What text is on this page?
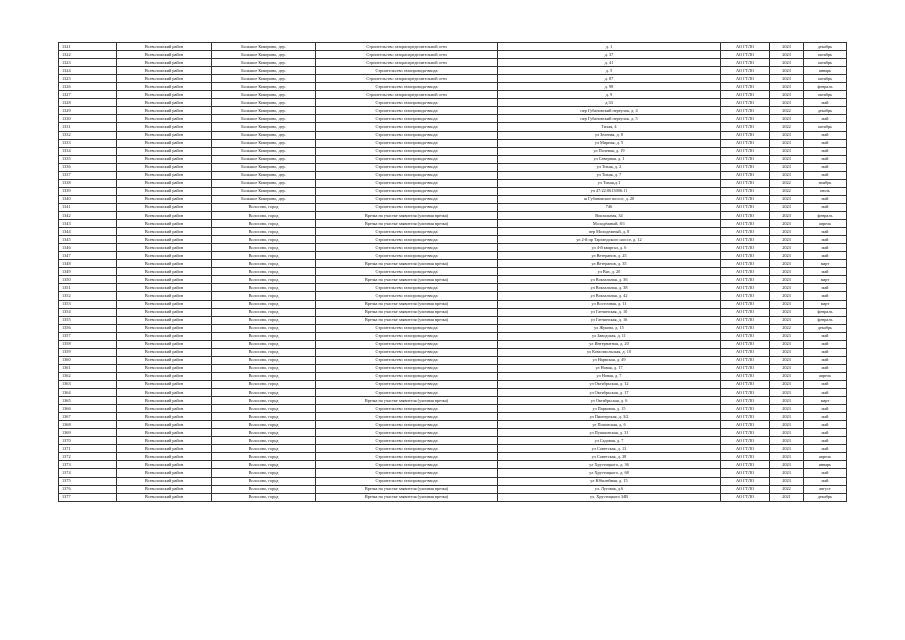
1321	Всеволожский район	Большое Кикерино, дер.	Строительство газораспределительной сети	д. 1	АО ГТЛО	2023	декабрь
1322	Всеволожский район	Большое Кикерино, дер.	Строительство газораспределительной сети	д. 37	АО ГТЛО	2023	октябрь
1323	Всеволожский район	Большое Кикерино, дер.	Строительство газораспределительной сети	д. 41	АО ГТЛО	2023	октябрь
1324	Всеволожский район	Большое Кикерино, дер.	Строительство газопровода-ввода	д. 5	АО ГТЛО	2023	январь
1325	Всеволожский район	Большое Кикерино, дер.	Строительство газораспределительной сети	д. 87	АО ГТЛО	2023	октябрь
1326	Всеволожский район	Большое Кикерино, дер.	Строительство газопровода-ввода	д. 98	АО ГТЛО	2023	февраль
1327	Всеволожский район	Большое Кикерино, дер.	Строительство газораспределительной сети	д. 9	АО ГТЛО	2023	октябрь
1328	Всеволожский район	Большое Кикерино, дер.	Строительство газопровода-ввода	д.33	АО ГТЛО	2023	май
1329	Всеволожский район	Большое Кикерино, дер.	Строительство газопровода-ввода	пер Губановский переулок, д. 4	АО ГТЛО	2022	декабрь
1330	Всеволожский район	Большое Кикерино, дер.	Строительство газопровода-ввода	пер Губановский переулок, д. 5	АО ГТЛО	2023	май
1331	Всеволожский район	Большое Кикерино, дер.	Строительство газопровода-ввода	Тихая, 4	АО ГТЛО	2022	октябрь
1332	Всеволожский район	Большое Кикерино, дер.	Строительство газопровода-ввода	ул Зеленая, д. 8	АО ГТЛО	2023	май
1333	Всеволожский район	Большое Кикерино, дер.	Строительство газопровода-ввода	ул Мирная, д. 5	АО ГТЛО	2023	май
1334	Всеволожский район	Большое Кикерино, дер.	Строительство газопровода-ввода	ул Полевая, д. 19	АО ГТЛО	2023	май
1335	Всеволожский район	Большое Кикерино, дер.	Строительство газопровода-ввода	ул Северная, д. 1	АО ГТЛО	2023	май
1336	Всеволожский район	Большое Кикерино, дер.	Строительство газопровода-ввода	ул Тихая, д. 2	АО ГТЛО	2023	май
1337	Всеволожский район	Большое Кикерино, дер.	Строительство газопровода-ввода	ул Тихая, д. 7	АО ГТЛО	2023	май
1338	Всеволожский район	Большое Кикерино, дер.	Строительство газопровода-ввода	ул Тихая,д.1	АО ГТЛО	2022	ноябрь
1339	Всеволожский район	Большое Кикерино, дер.	Строительство газопровода-ввода	уч 47:22:0613006:11	АО ГТЛО	2022	июль
1340	Всеволожский район	Большое Кикерино, дер.	Строительство газопровода-ввода	ш Губановское шоссе, д. 20	АО ГТЛО	2023	май
1341	Всеволожский район	Волосово, город	Строительство газопровода-ввода	746	АО ГТЛО	2023	май
1342	Всеволожский район	Волосово, город	Врезка на участке заявителя (уличная врезка)	Вокзальная, 34	АО ГТЛО	2023	февраль
1343	Всеволожский район	Волосово, город	Врезка на участке заявителя (уличная врезка)	Молодёжный, 8/1	АО ГТЛО	2023	апрель
1344	Всеволожский район	Волосово, город	Строительство газопровода-ввода	пер Молодежный, д. 8	АО ГТЛО	2023	май
1345	Всеволожский район	Волосово, город	Строительство газопровода-ввода	ул 2-й пр Таргандского шоссе, д. 12	АО ГТЛО	2023	май
1346	Всеволожский район	Волосово, город	Строительство газопровода-ввода	ул 4-й квартал, д. 6	АО ГТЛО	2023	май
1347	Всеволожский район	Волосово, город	Строительство газопровода-ввода	ул Ветеранов, д. 25	АО ГТЛО	2023	май
1348	Всеволожский район	Волосово, город	Врезка на участке заявителя (уличная врезка)	ул Ветеранов, д. 35	АО ГТЛО	2023	март
1349	Всеволожский район	Волосово, город	Строительство газопровода-ввода	ул Вяз, д. 20	АО ГТЛО	2023	май
1350	Всеволожский район	Волосово, город	Врезка на участке заявителя (уличная врезка)	ул Вокзальная, д. 36	АО ГТЛО	2023	март
1351	Всеволожский район	Волосово, город	Строительство газопровода-ввода	ул Вокзальная, д. 38	АО ГТЛО	2023	май
1352	Всеволожский район	Волосово, город	Строительство газопровода-ввода	ул Вокзальная, д. 42	АО ГТЛО	2023	май
1353	Всеволожский район	Волосово, город	Врезка на участке заявителя (уличная врезка)	ул Восточная, д. 11	АО ГТЛО	2023	март
1354	Всеволожский район	Волосово, город	Врезка на участке заявителя (уличная врезка)	ул Гатчинская, д. 10	АО ГТЛО	2023	февраль
1355	Всеволожский район	Волосово, город	Врезка на участке заявителя (уличная врезка)	ул Гатчинская, д. 16	АО ГТЛО	2023	февраль
1356	Всеволожский район	Волосово, город	Строительство газопровода-ввода	ул Жукова, д. 15	АО ГТЛО	2022	декабрь
1357	Всеволожский район	Волосово, город	Строительство газопровода-ввода	ул Заводская, д. 11	АО ГТЛО	2023	май
1358	Всеволожский район	Волосово, город	Строительство газопровода-ввода	ул Интернатная, д. 20	АО ГТЛО	2023	май
1359	Всеволожский район	Волосово, город	Строительство газопровода-ввода	ул Комсомольская, д. 10	АО ГТЛО	2023	май
1360	Всеволожский район	Волосово, город	Строительство газопровода-ввода	ул Нарвская, д. 49	АО ГТЛО	2023	май
1361	Всеволожский район	Волосово, город	Строительство газопровода-ввода	ул Новая, д. 17	АО ГТЛО	2023	май
1362	Всеволожский район	Волосово, город	Строительство газопровода-ввода	ул Новая, д. 7	АО ГТЛО	2023	апрель
1363	Всеволожский район	Волосово, город	Строительство газопровода-ввода	ул Октябрьская, д. 12	АО ГТЛО	2023	май
1364	Всеволожский район	Волосово, город	Строительство газопровода-ввода	ул Октябрьская, д. 17	АО ГТЛО	2023	май
1365	Всеволожский район	Волосово, город	Врезка на участке заявителя (уличная врезка)	ул Октябрьская, д. 6	АО ГТЛО	2023	март
1366	Всеволожский район	Волосово, город	Строительство газопровода-ввода	ул Парковая, д. 15	АО ГТЛО	2023	май
1367	Всеволожский район	Волосово, город	Строительство газопровода-ввода	ул Пионерская, д. 3/2	АО ГТЛО	2023	май
1368	Всеволожский район	Волосово, город	Строительство газопровода-ввода	ул Поповская, д. 6	АО ГТЛО	2023	май
1369	Всеволожский район	Волосово, город	Строительство газопровода-ввода	ул Пушкинская, д. 31	АО ГТЛО	2023	май
1370	Всеволожский район	Волосово, город	Строительство газопровода-ввода	ул Садовая, д. 7	АО ГТЛО	2023	май
1371	Всеволожский район	Волосово, город	Строительство газопровода-ввода	ул Советская, д. 13	АО ГТЛО	2023	май
1372	Всеволожский район	Волосово, город	Строительство газопровода-ввода	ул Советская, д. 38	АО ГТЛО	2023	апрель
1373	Всеволожский район	Волосово, город	Строительство газопровода-ввода	ул Хрустицкого, д. 36	АО ГТЛО	2023	январь
1374	Всеволожский район	Волосово, город	Строительство газопровода-ввода	ул Хрустицкого, д. 68	АО ГТЛО	2023	май
1375	Всеволожский район	Волосово, город	Строительство газопровода-ввода	ул Юбилейная, д. 15	АО ГТЛО	2023	май
1376	Всеволожский район	Волосово, город	Врезка на участке заявителя (уличная врезка)	ул. Луговая, д.6	АО ГТЛО	2022	август
1377	Всеволожский район	Волосово, город	Врезка на участке заявителя (уличная врезка)	ул. Хрустицкого 34В	АО ГТЛО	2021	декабрь
